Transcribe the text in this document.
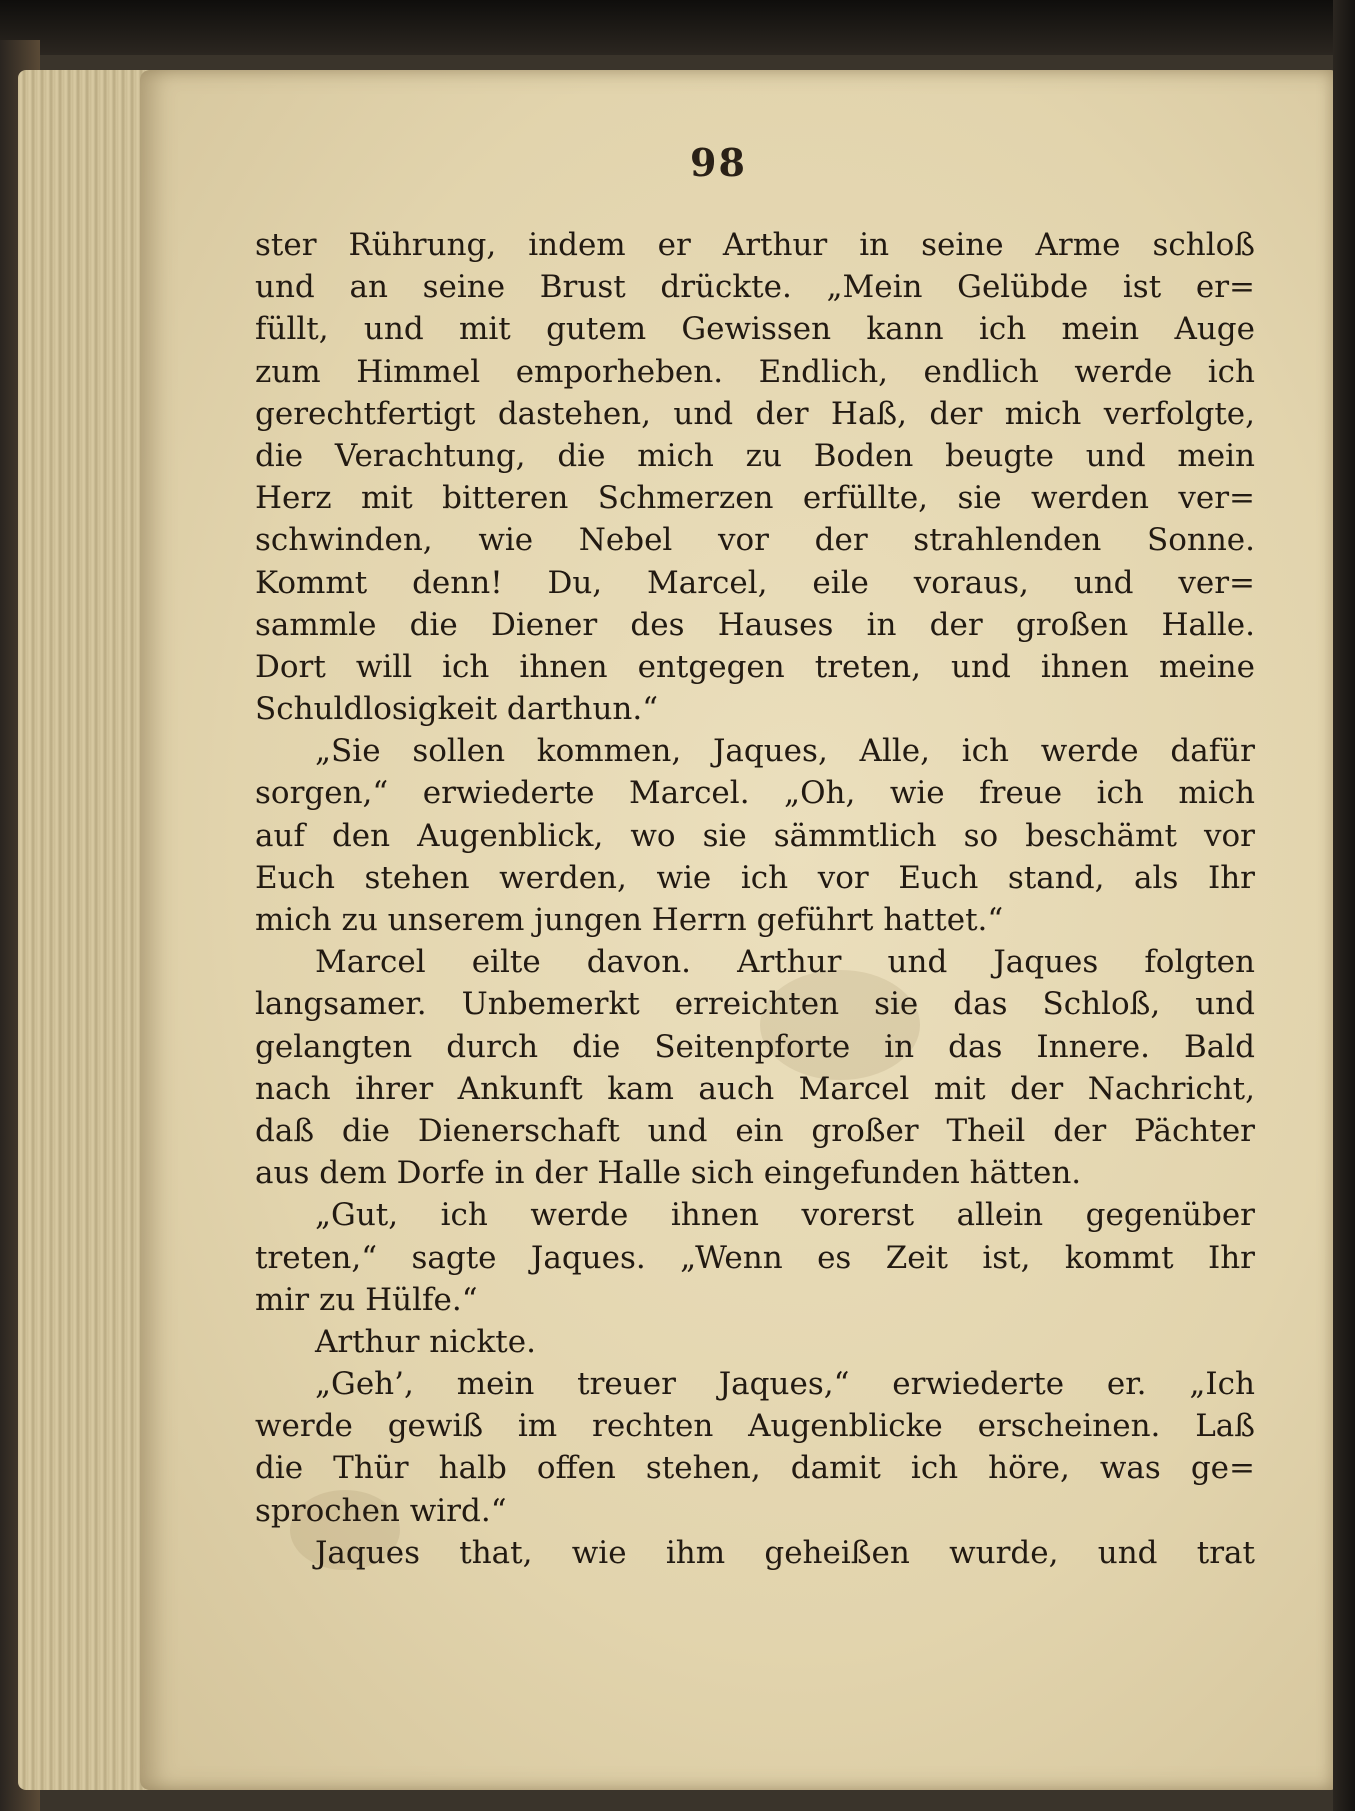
98
ster Rührung, indem er Arthur in seine Arme schloß
und an seine Brust drückte. „Mein Gelübde ist er=
füllt, und mit gutem Gewissen kann ich mein Auge
zum Himmel emporheben. Endlich, endlich werde ich
gerechtfertigt dastehen, und der Haß, der mich verfolgte,
die Verachtung, die mich zu Boden beugte und mein
Herz mit bitteren Schmerzen erfüllte, sie werden ver=
schwinden, wie Nebel vor der strahlenden Sonne.
Kommt denn! Du, Marcel, eile voraus, und ver=
sammle die Diener des Hauses in der großen Halle.
Dort will ich ihnen entgegen treten, und ihnen meine
Schuldlosigkeit darthun.“
„Sie sollen kommen, Jaques, Alle, ich werde dafür
sorgen,“ erwiederte Marcel. „Oh, wie freue ich mich
auf den Augenblick, wo sie sämmtlich so beschämt vor
Euch stehen werden, wie ich vor Euch stand, als Ihr
mich zu unserem jungen Herrn geführt hattet.“
Marcel eilte davon. Arthur und Jaques folgten
langsamer. Unbemerkt erreichten sie das Schloß, und
gelangten durch die Seitenpforte in das Innere. Bald
nach ihrer Ankunft kam auch Marcel mit der Nachricht,
daß die Dienerschaft und ein großer Theil der Pächter
aus dem Dorfe in der Halle sich eingefunden hätten.
„Gut, ich werde ihnen vorerst allein gegenüber
treten,“ sagte Jaques. „Wenn es Zeit ist, kommt Ihr
mir zu Hülfe.“
Arthur nickte.
„Geh’, mein treuer Jaques,“ erwiederte er. „Ich
werde gewiß im rechten Augenblicke erscheinen. Laß
die Thür halb offen stehen, damit ich höre, was ge=
sprochen wird.“
Jaques that, wie ihm geheißen wurde, und trat
